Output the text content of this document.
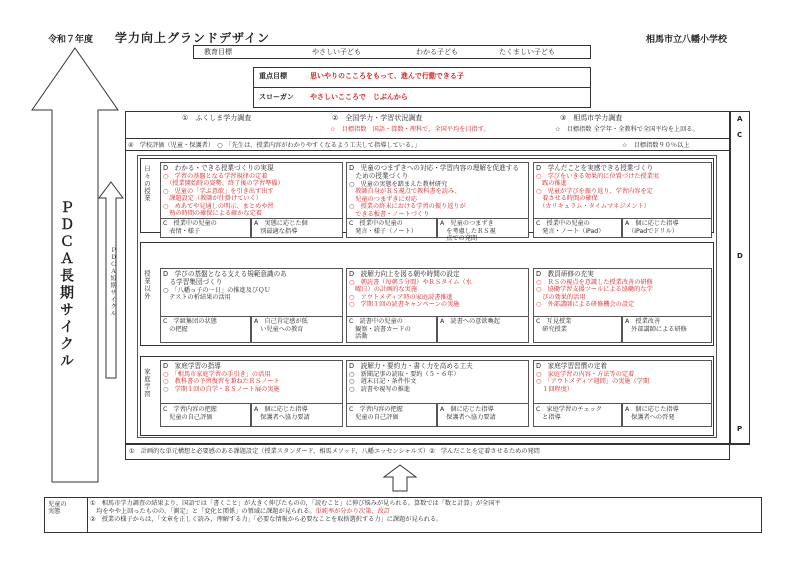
令和７年度 学力向上グランドデザイン	相馬市立八幡小学校
教育目標	やさしい子ども	わかる子ども	たくましい子ども
重点目標	思いやりのこころをもって、進んで行動できる子
スローガン やさしいこころで　じぶんから
ＰＤＣＡ長期サイクル
A
C
D
P
①　ふくしま学力調査	②　全国学力・学習状況調査	③　相馬市学力調査
☆　目標指数　国語・算数・理科で、全国平均を目指す。	☆　目標指数 全学年・全教科で全国平均を上回る。
④　学校評価（児童・保護者）　○　「先生は、授業内容がわかりやすくなるよう工夫して指導している。」	☆　目標指数９０％以上
ＰＤＣＡ短期サイクル
日々の授業 D　わかる・できる授業づくりの実現
○　学習の基盤となる学習規律の定着
　（授業開始時の姿勢、終了後の学習準備）
○　児童の「学ぶ意欲」を引き出す出す
　課題設定（教師が仕掛けていく）
○　めあてや見通しの明示、まとめや習
　熟の時間の確保による確かな定着
C　授業中の児童の
　表情・様子
A　実態に応じた個
　別最適な指導
D　児童のつまずきへの対応・学習内容の理解を促進する
　ための授業づくり
○　児童の実態を踏まえた教材研究
　教師自身がＲＳ視点で教科書を読み、
　児童のつまずきに対応
○　授業の終末における学習の振り返りが
　できる板書・ノートづくり
C　授業中の児童の
　発言・様子（ノート）
A　児童のつまずき
　を考慮したＲＳ視
　点での発問
D　学んだことを実感できる授業づくり
○　学びをいきる効果的に位置づけた授業実
　践の推進
○　児童が学びを振り返り、学習内容を定
　着させる時間の確保
　（カリキュラム・タイムマネジメント）
C　授業中の児童の
　発言・ノート（iPad）
A　個に応じた指導
　（iPadでドリル）
授業以外 D　学びの基盤となる支える規範意識のあ
　る学習集団づくり
○　「八幡っ子の一日」の推進及びＱＵ
　テストの析結果の活用
C　学級集団の状態
　の把握
A　自己肯定感が低
　い児童への教育
D　読解力向上を図る朝や時間の設定
○　朝読書（毎朝５分間）やＲＳタイム（水
　曜日）の計画的な実施
○　アウトメディア時の家庭読書推進
○　学期１回の読書キャンペーンの実施
C　読書中の児童の
　観察・読書カードの
　活動
A　読書への意欲喚起
D　教員研修の充実
○　ＲＳの視点を意識した授業改善の研修
○　協働学習支援ツールによる協働的な学
　びの効果的活用
○　外部講師による研修機会の設定
C　互見授業
　研究授業
A　授業改善
　外部講師による研修
家庭学習
D　家庭学習の指導
○　「相馬市家庭学習の手引き」の活用
○　教科書の予習復習を兼ねたＲＳノート
○　学期１回の自学・ＲＳノート展の実施
C　学習内容の把握
　児童の自己評価
A　個に応じた指導
　保護者へ協力要請
D　読解力・要約力・書く力を高める工夫
○　新聞記事の読取・要約（５・６年）
○　週末日記・条件作文
○　読書や視写の推進
C　学習内容の把握
　児童の自己評価
A　個に応じた指導
　保護者へ協力要請
D　家庭学習習慣の定着
○　家庭学習の内容・方法等の定着
○　「アウトメディア週間」の実施（学期
　１回程度）
C　家庭学習のチェック
　と指導
A　個に応じた指導
　保護者への啓発
①　計画的な単元構想と必要感のある課題設定（授業スタンダード，相馬メソッド，八幡エッセンシャルズ）②　学んだことを定着させるための発問
児童の
実態
①　相馬市学力調査の結果より，国語では「書くこと」が大きく伸びたものの，「読むこと」に伸び悩みが見られる。算数では「数と計算」が全国平
　均をやや上回ったものの，「測定」と「変化と関係」の領域に課題が見られる。単純率が分かり次第、改訂
②　授業の様子からは，「文章を正しく読み，理解する力」「必要な情報から必要なことを取捨選択する力」に課題が見られる。
